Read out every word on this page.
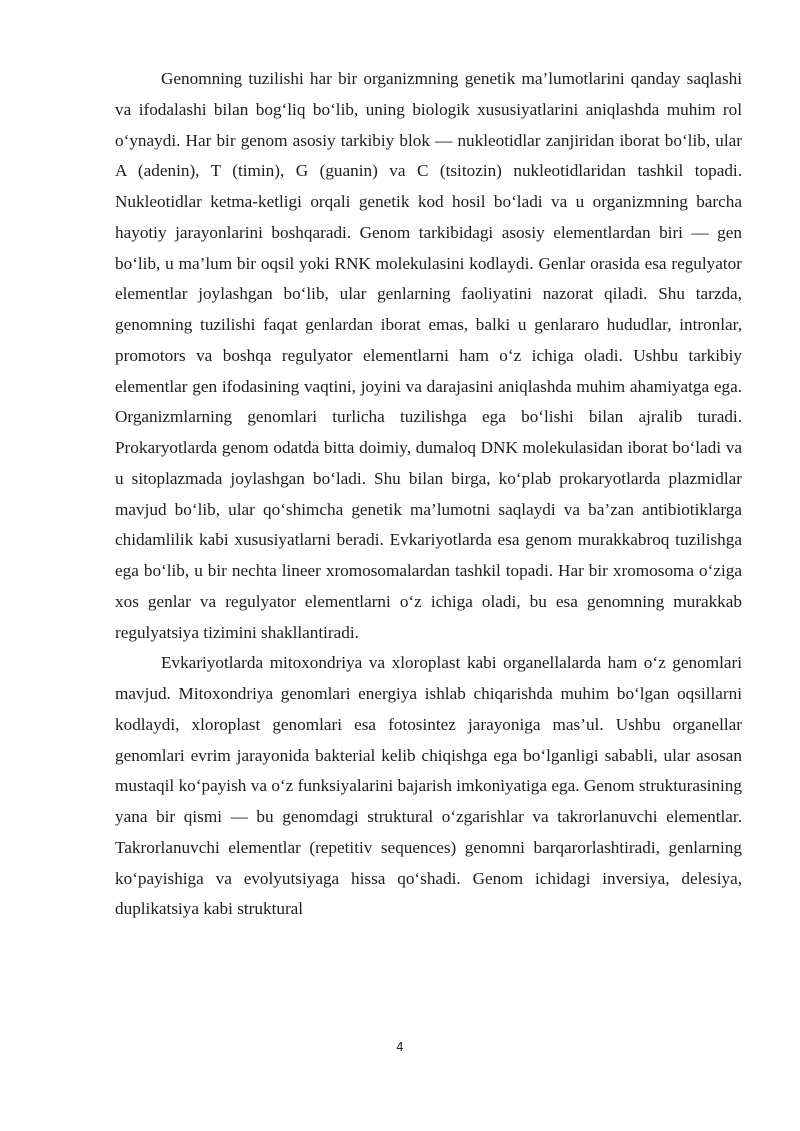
Genomning tuzilishi har bir organizmning genetik ma’lumotlarini qanday saqlashi va ifodalashi bilan bog‘liq bo‘lib, uning biologik xususiyatlarini aniqlashda muhim rol o‘ynaydi. Har bir genom asosiy tarkibiy blok — nukleotidlar zanjiridan iborat bo‘lib, ular A (adenin), T (timin), G (guanin) va C (tsitozin) nukleotidlaridan tashkil topadi. Nukleotidlar ketma-ketligi orqali genetik kod hosil bo‘ladi va u organizmning barcha hayotiy jarayonlarini boshqaradi. Genom tarkibidagi asosiy elementlardan biri — gen bo‘lib, u ma’lum bir oqsil yoki RNK molekulasini kodlaydi. Genlar orasida esa regulyator elementlar joylashgan bo‘lib, ular genlarning faoliyatini nazorat qiladi. Shu tarzda, genomning tuzilishi faqat genlardan iborat emas, balki u genlararo hududlar, intronlar, promotors va boshqa regulyator elementlarni ham o‘z ichiga oladi. Ushbu tarkibiy elementlar gen ifodasining vaqtini, joyini va darajasini aniqlashda muhim ahamiyatga ega. Organizmlarning genomlari turlicha tuzilishga ega bo‘lishi bilan ajralib turadi. Prokaryotlarda genom odatda bitta doimiy, dumaloq DNK molekulasidan iborat bo‘ladi va u sitoplazmada joylashgan bo‘ladi. Shu bilan birga, ko‘plab prokaryotlarda plazmidlar mavjud bo‘lib, ular qo‘shimcha genetik ma’lumotni saqlaydi va ba’zan antibiotiklarga chidamlilik kabi xususiyatlarni beradi. Evkariyotlarda esa genom murakkabroq tuzilishga ega bo‘lib, u bir nechta lineer xromosomalardan tashkil topadi. Har bir xromosoma o‘ziga xos genlar va regulyator elementlarni o‘z ichiga oladi, bu esa genomning murakkab regulyatsiya tizimini shakllantiradi.

Evkariyotlarda mitoxondriya va xloroplast kabi organellalarda ham o‘z genomlari mavjud. Mitoxondriya genomlari energiya ishlab chiqarishda muhim bo‘lgan oqsillarni kodlaydi, xloroplast genomlari esa fotosintez jarayoniga mas’ul. Ushbu organellar genomlari evrim jarayonida bakterial kelib chiqishga ega bo‘lganligi sababli, ular asosan mustaqil ko‘payish va o‘z funksiyalarini bajarish imkoniyatiga ega. Genom strukturasining yana bir qismi — bu genomdagi struktural o‘zgarishlar va takrorlanuvchi elementlar. Takrorlanuvchi elementlar (repetitiv sequences) genomni barqarorlashtiradi, genlarning ko‘payishiga va evolyutsiyaga hissa qo‘shadi. Genom ichidagi inversiya, delesiya, duplikatsiya kabi struktural

4
